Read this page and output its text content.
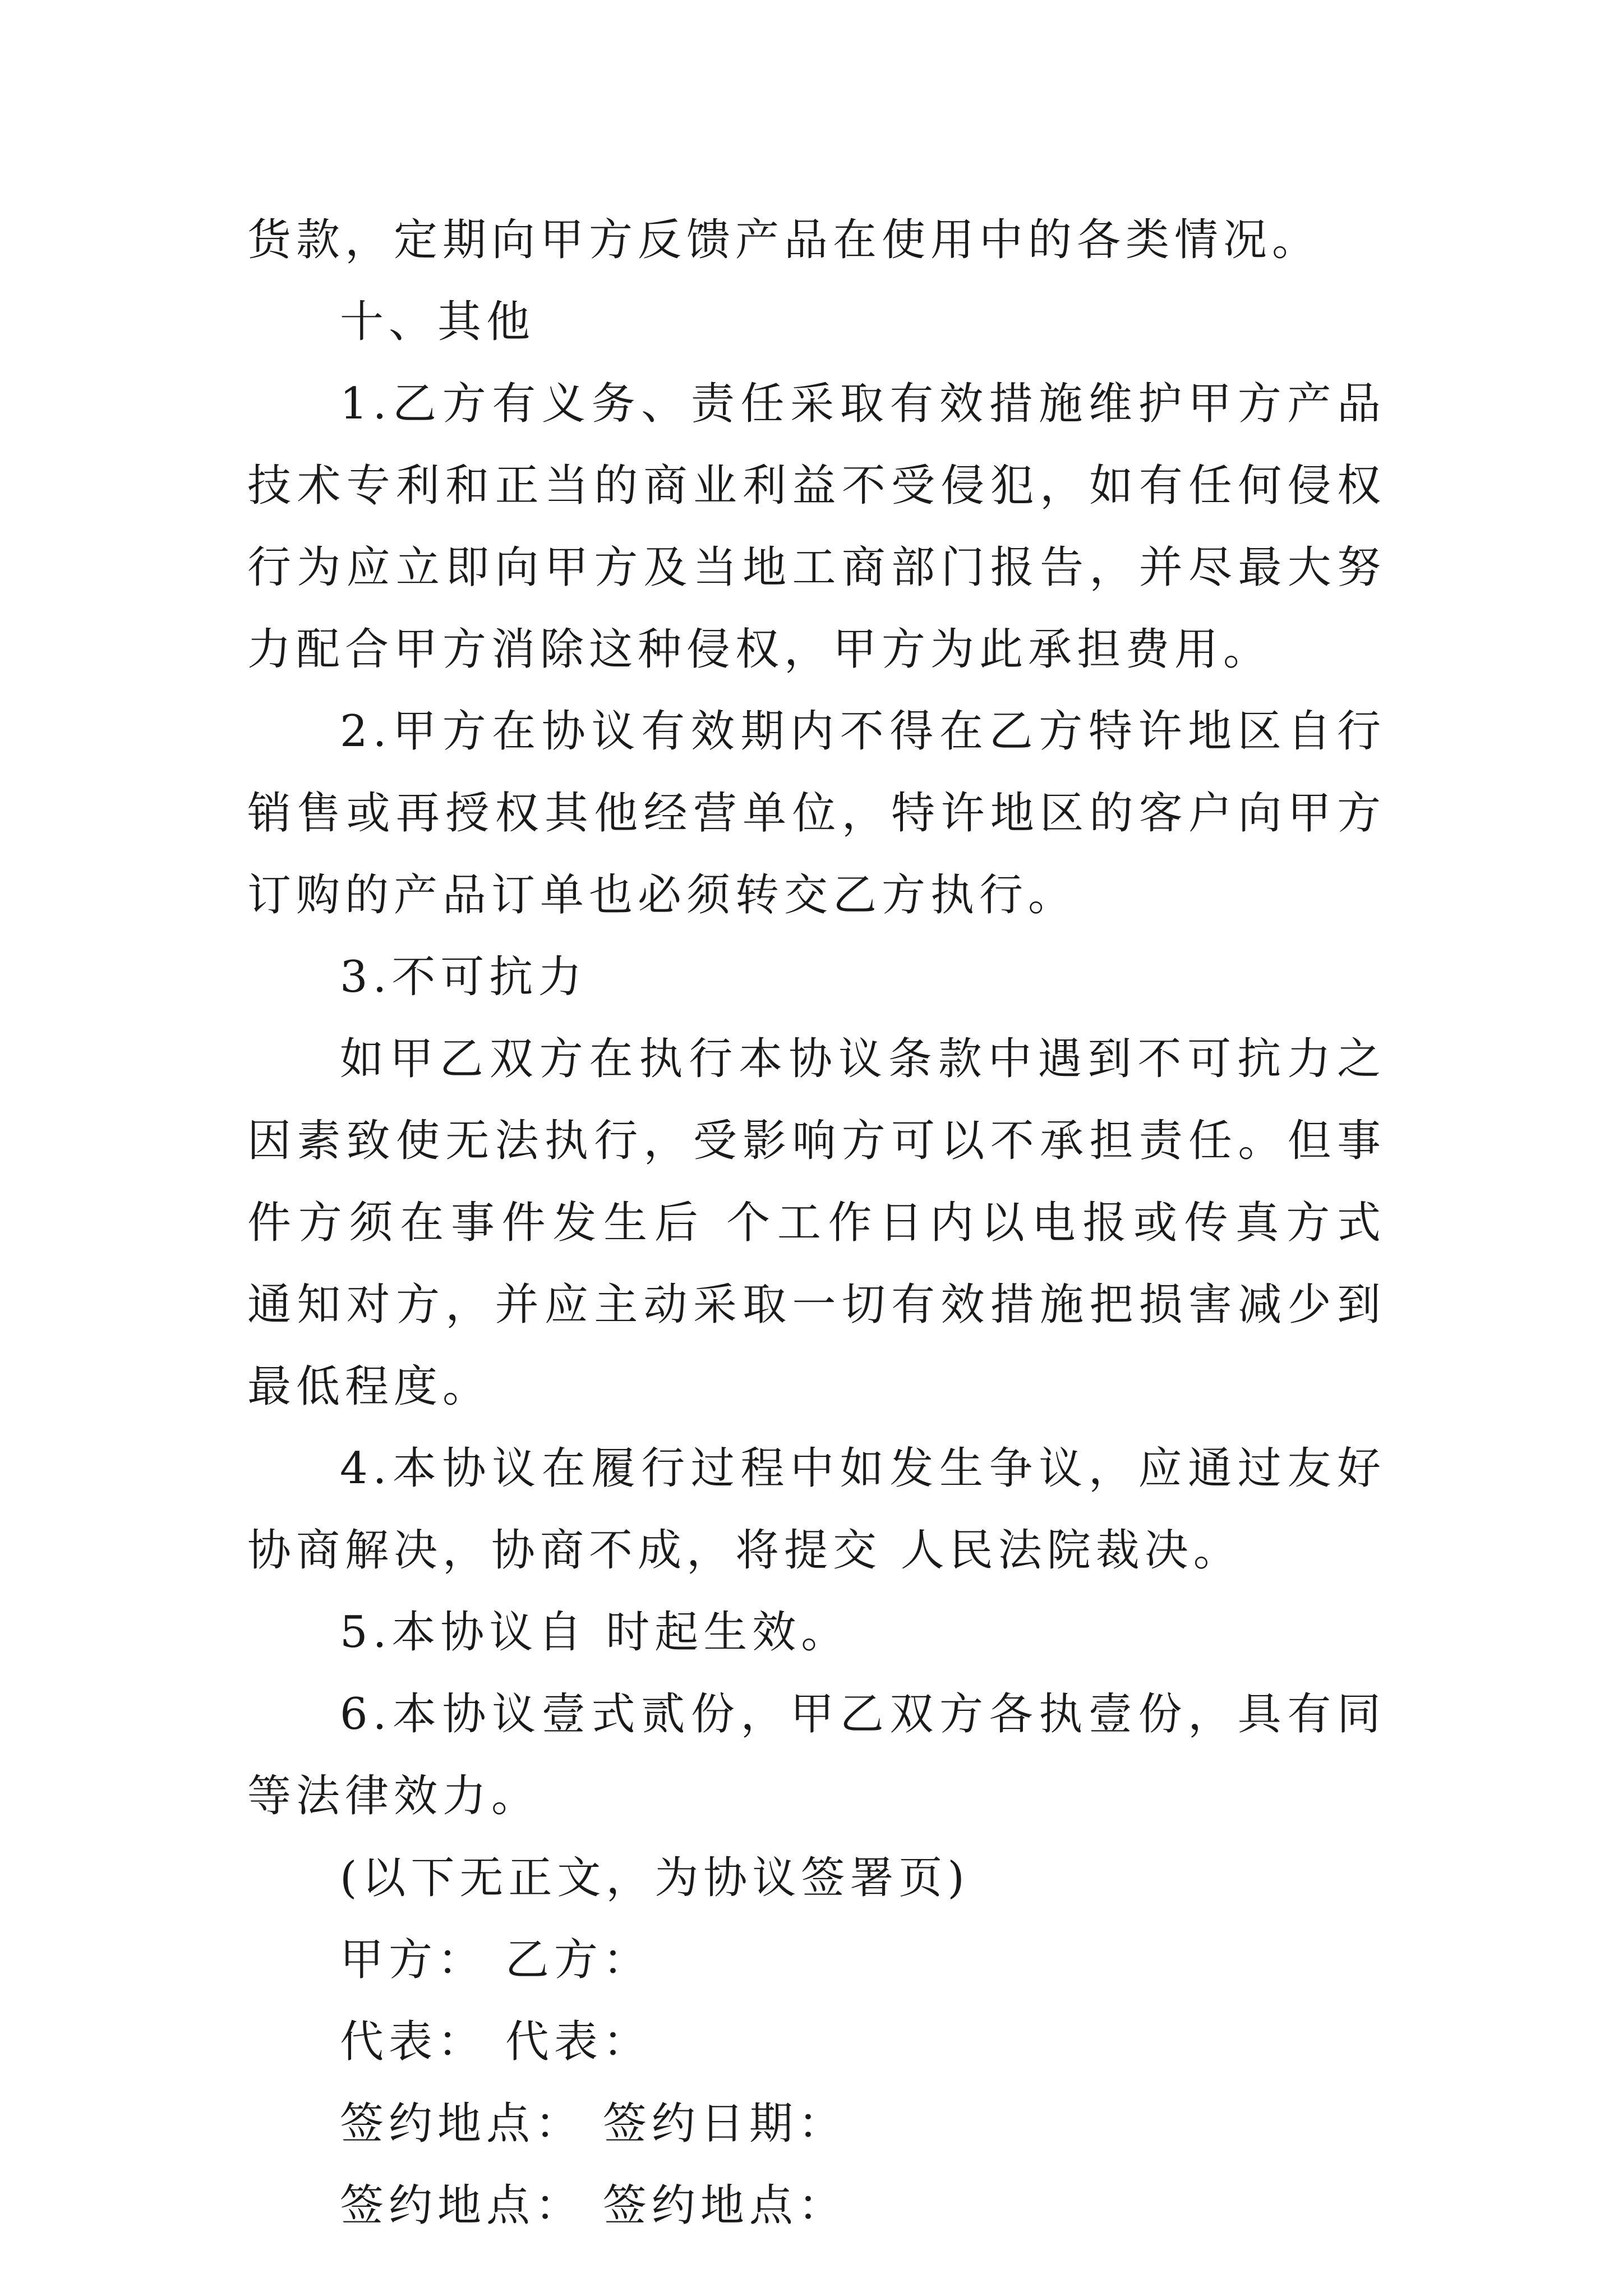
货款，定期向甲方反馈产品在使用中的各类情况。

十、其他

1.乙方有义务、责任采取有效措施维护甲方产品技术专利和正当的商业利益不受侵犯，如有任何侵权行为应立即向甲方及当地工商部门报告，并尽最大努力配合甲方消除这种侵权，甲方为此承担费用。

2.甲方在协议有效期内不得在乙方特许地区自行销售或再授权其他经营单位，特许地区的客户向甲方订购的产品订单也必须转交乙方执行。

3.不可抗力

如甲乙双方在执行本协议条款中遇到不可抗力之因素致使无法执行，受影响方可以不承担责任。但事件方须在事件发生后 个工作日内以电报或传真方式通知对方，并应主动采取一切有效措施把损害减少到最低程度。

4.本协议在履行过程中如发生争议，应通过友好协商解决，协商不成，将提交 人民法院裁决。

5.本协议自 时起生效。

6.本协议壹式贰份，甲乙双方各执壹份，具有同等法律效力。

(以下无正文，为协议签署页)

甲方： 乙方：
代表： 代表：
签约地点： 签约日期：
签约地点： 签约地点：
